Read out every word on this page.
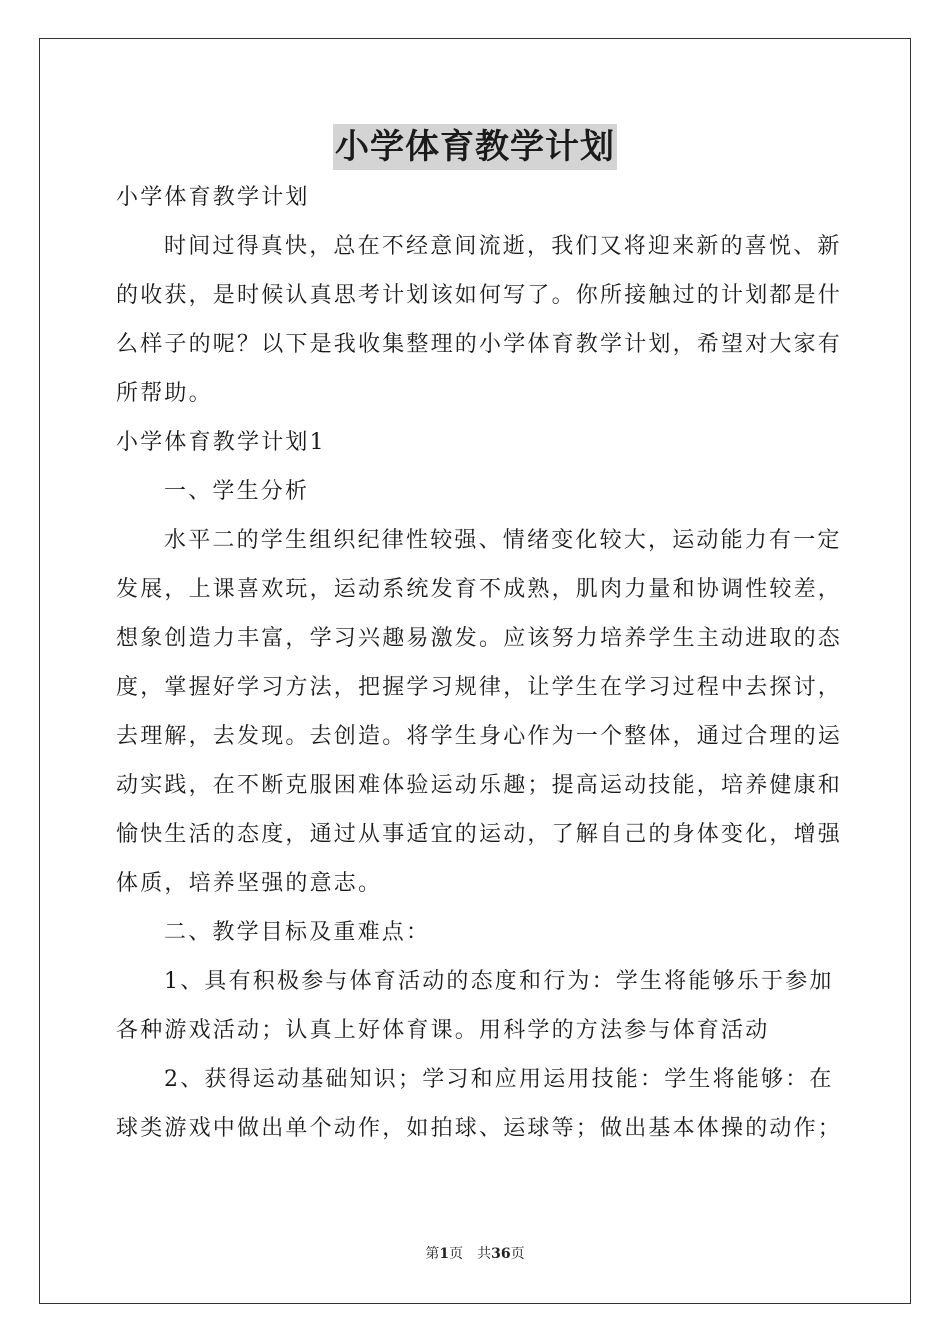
小学体育教学计划

小学体育教学计划

时间过得真快，总在不经意间流逝，我们又将迎来新的喜悦、新

的收获，是时候认真思考计划该如何写了。你所接触过的计划都是什

么样子的呢？以下是我收集整理的小学体育教学计划，希望对大家有

所帮助。

小学体育教学计划1

一、学生分析

水平二的学生组织纪律性较强、情绪变化较大，运动能力有一定

发展，上课喜欢玩，运动系统发育不成熟，肌肉力量和协调性较差，

想象创造力丰富，学习兴趣易激发。应该努力培养学生主动进取的态

度，掌握好学习方法，把握学习规律，让学生在学习过程中去探讨，

去理解，去发现。去创造。将学生身心作为一个整体，通过合理的运

动实践，在不断克服困难体验运动乐趣；提高运动技能，培养健康和

愉快生活的态度，通过从事适宜的运动，了解自己的身体变化，增强

体质，培养坚强的意志。

二、教学目标及重难点：

1、具有积极参与体育活动的态度和行为：学生将能够乐于参加

各种游戏活动；认真上好体育课。用科学的方法参与体育活动

2、获得运动基础知识；学习和应用运用技能：学生将能够：在

球类游戏中做出单个动作，如拍球、运球等；做出基本体操的动作；

第1页　共36页
